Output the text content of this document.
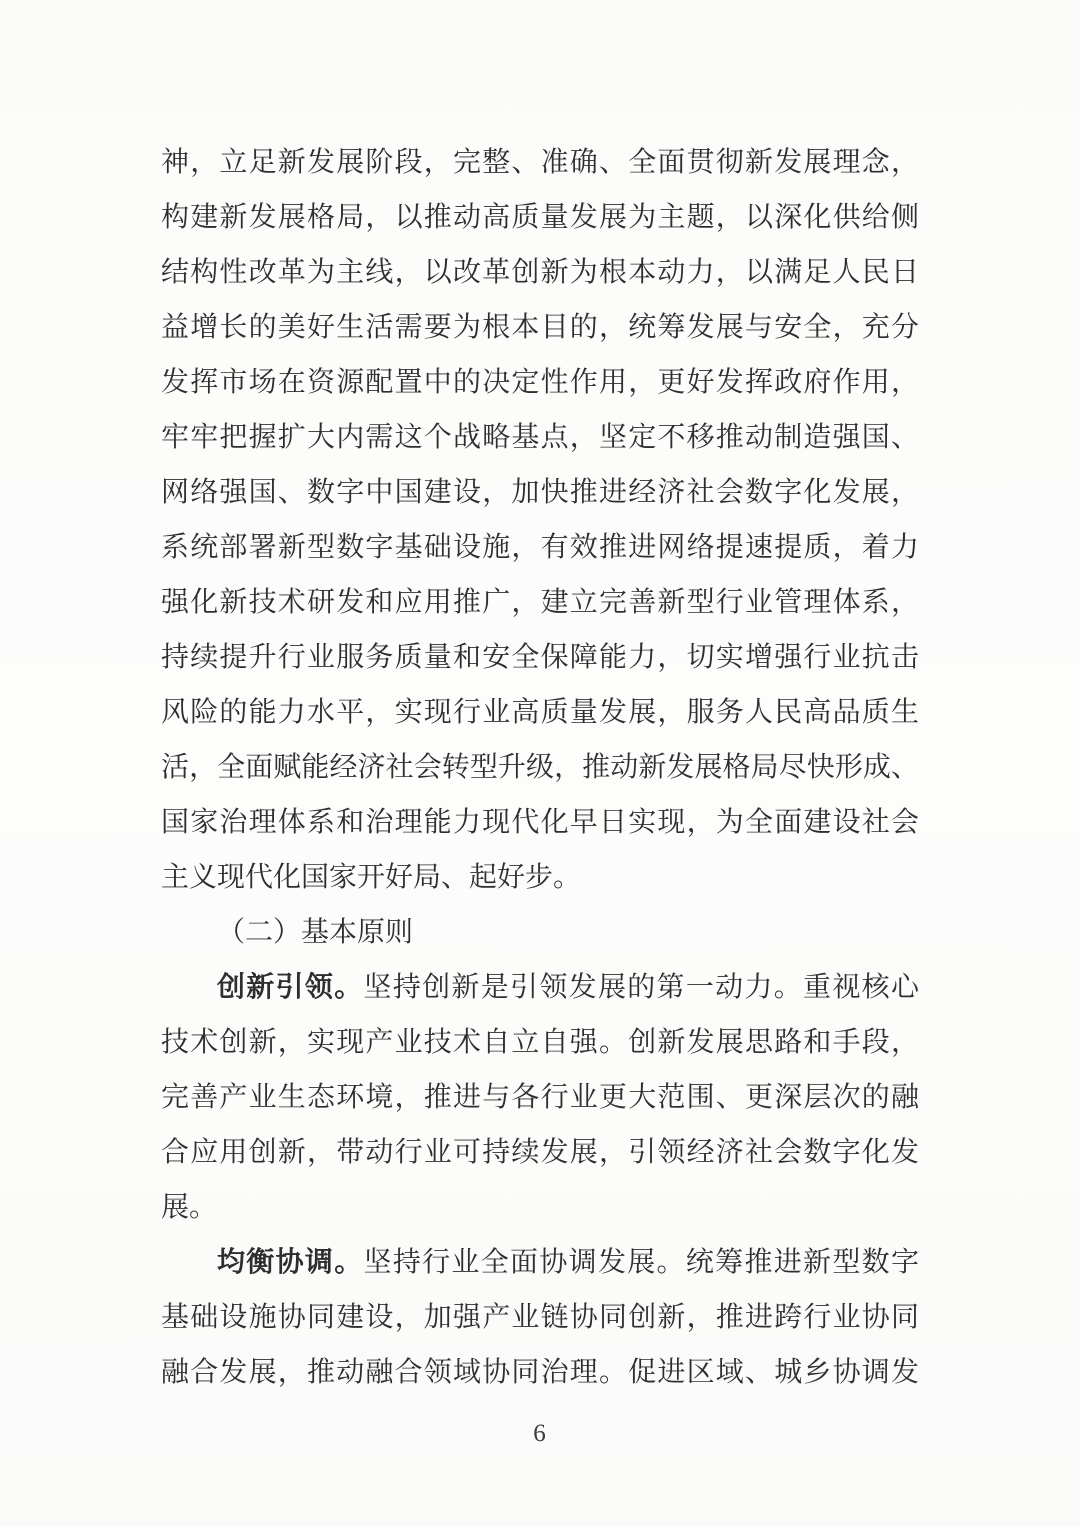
神，立足新发展阶段，完整、准确、全面贯彻新发展理念，
构建新发展格局，以推动高质量发展为主题，以深化供给侧
结构性改革为主线，以改革创新为根本动力，以满足人民日
益增长的美好生活需要为根本目的，统筹发展与安全，充分
发挥市场在资源配置中的决定性作用，更好发挥政府作用，
牢牢把握扩大内需这个战略基点，坚定不移推动制造强国、
网络强国、数字中国建设，加快推进经济社会数字化发展，
系统部署新型数字基础设施，有效推进网络提速提质，着力
强化新技术研发和应用推广，建立完善新型行业管理体系，
持续提升行业服务质量和安全保障能力，切实增强行业抗击
风险的能力水平，实现行业高质量发展，服务人民高品质生
活，全面赋能经济社会转型升级，推动新发展格局尽快形成、
国家治理体系和治理能力现代化早日实现，为全面建设社会
主义现代化国家开好局、起好步。
（二）基本原则
创新引领。坚持创新是引领发展的第一动力。重视核心
技术创新，实现产业技术自立自强。创新发展思路和手段，
完善产业生态环境，推进与各行业更大范围、更深层次的融
合应用创新，带动行业可持续发展，引领经济社会数字化发
展。
均衡协调。坚持行业全面协调发展。统筹推进新型数字
基础设施协同建设，加强产业链协同创新，推进跨行业协同
融合发展，推动融合领域协同治理。促进区域、城乡协调发
6
